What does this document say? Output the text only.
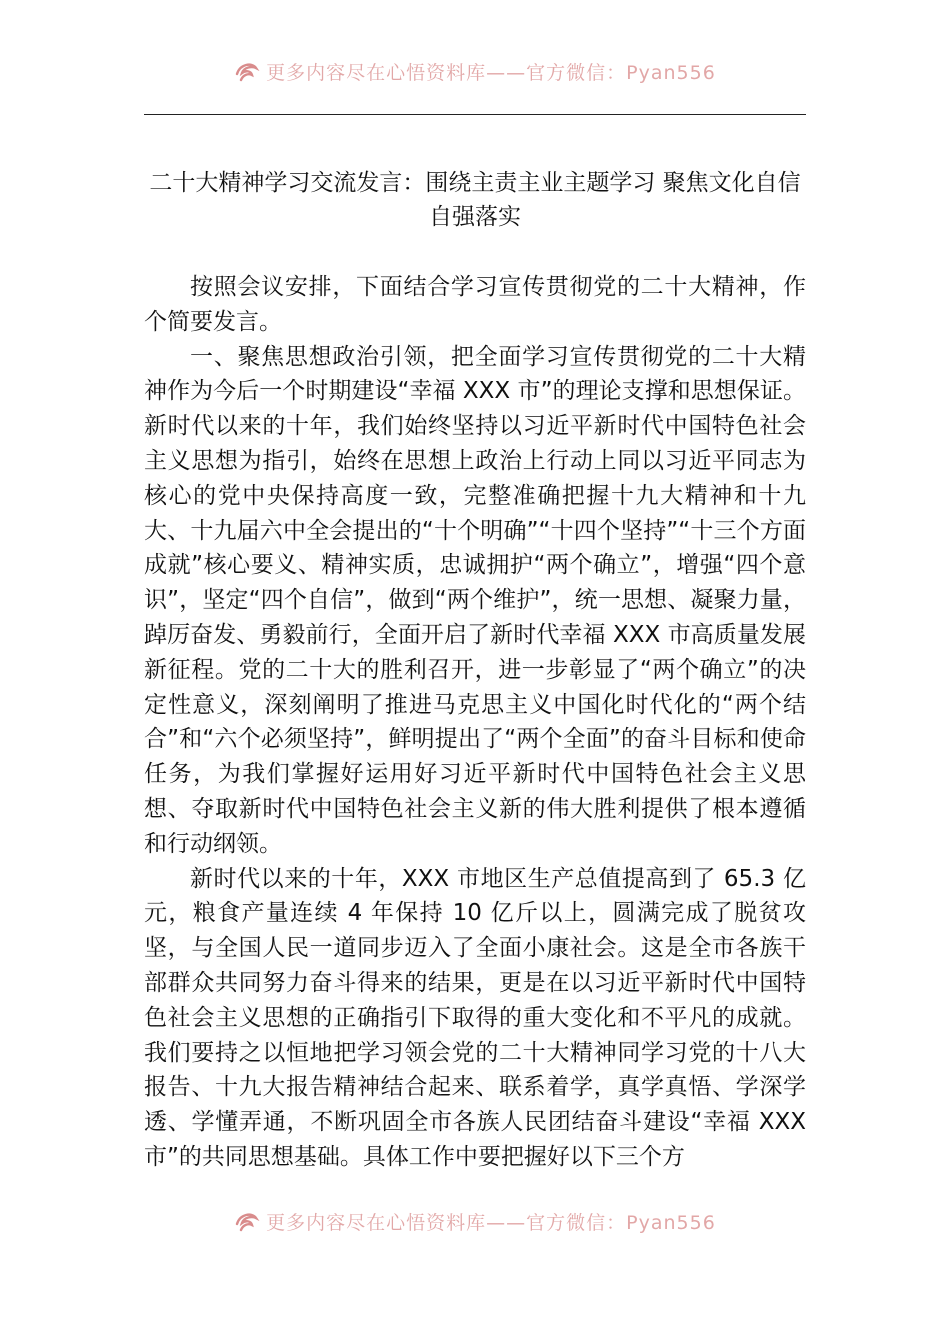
更多内容尽在心悟资料库——官方微信：Pyan556
二十大精神学习交流发言：围绕主责主业主题学习 聚焦文化自信自强落实

按照会议安排，下面结合学习宣传贯彻党的二十大精神，作个简要发言。

一、聚焦思想政治引领，把全面学习宣传贯彻党的二十大精神作为今后一个时期建设“幸福 XXX 市”的理论支撑和思想保证。新时代以来的十年，我们始终坚持以习近平新时代中国特色社会主义思想为指引，始终在思想上政治上行动上同以习近平同志为核心的党中央保持高度一致，完整准确把握十九大精神和十九大、十九届六中全会提出的“十个明确”“十四个坚持”“十三个方面成就”核心要义、精神实质，忠诚拥护“两个确立”，增强“四个意识”，坚定“四个自信”，做到“两个维护”，统一思想、凝聚力量，踔厉奋发、勇毅前行，全面开启了新时代幸福 XXX 市高质量发展新征程。党的二十大的胜利召开，进一步彰显了“两个确立”的决定性意义，深刻阐明了推进马克思主义中国化时代化的“两个结合”和“六个必须坚持”，鲜明提出了“两个全面”的奋斗目标和使命任务，为我们掌握好运用好习近平新时代中国特色社会主义思想、夺取新时代中国特色社会主义新的伟大胜利提供了根本遵循和行动纲领。

新时代以来的十年，XXX 市地区生产总值提高到了 65.3 亿元，粮食产量连续 4 年保持 10 亿斤以上，圆满完成了脱贫攻坚，与全国人民一道同步迈入了全面小康社会。这是全市各族干部群众共同努力奋斗得来的结果，更是在以习近平新时代中国特色社会主义思想的正确指引下取得的重大变化和不平凡的成就。我们要持之以恒地把学习领会党的二十大精神同学习党的十八大报告、十九大报告精神结合起来、联系着学，真学真悟、学深学透、学懂弄通，不断巩固全市各族人民团结奋斗建设“幸福 XXX 市”的共同思想基础。具体工作中要把握好以下三个方

更多内容尽在心悟资料库——官方微信：Pyan556
